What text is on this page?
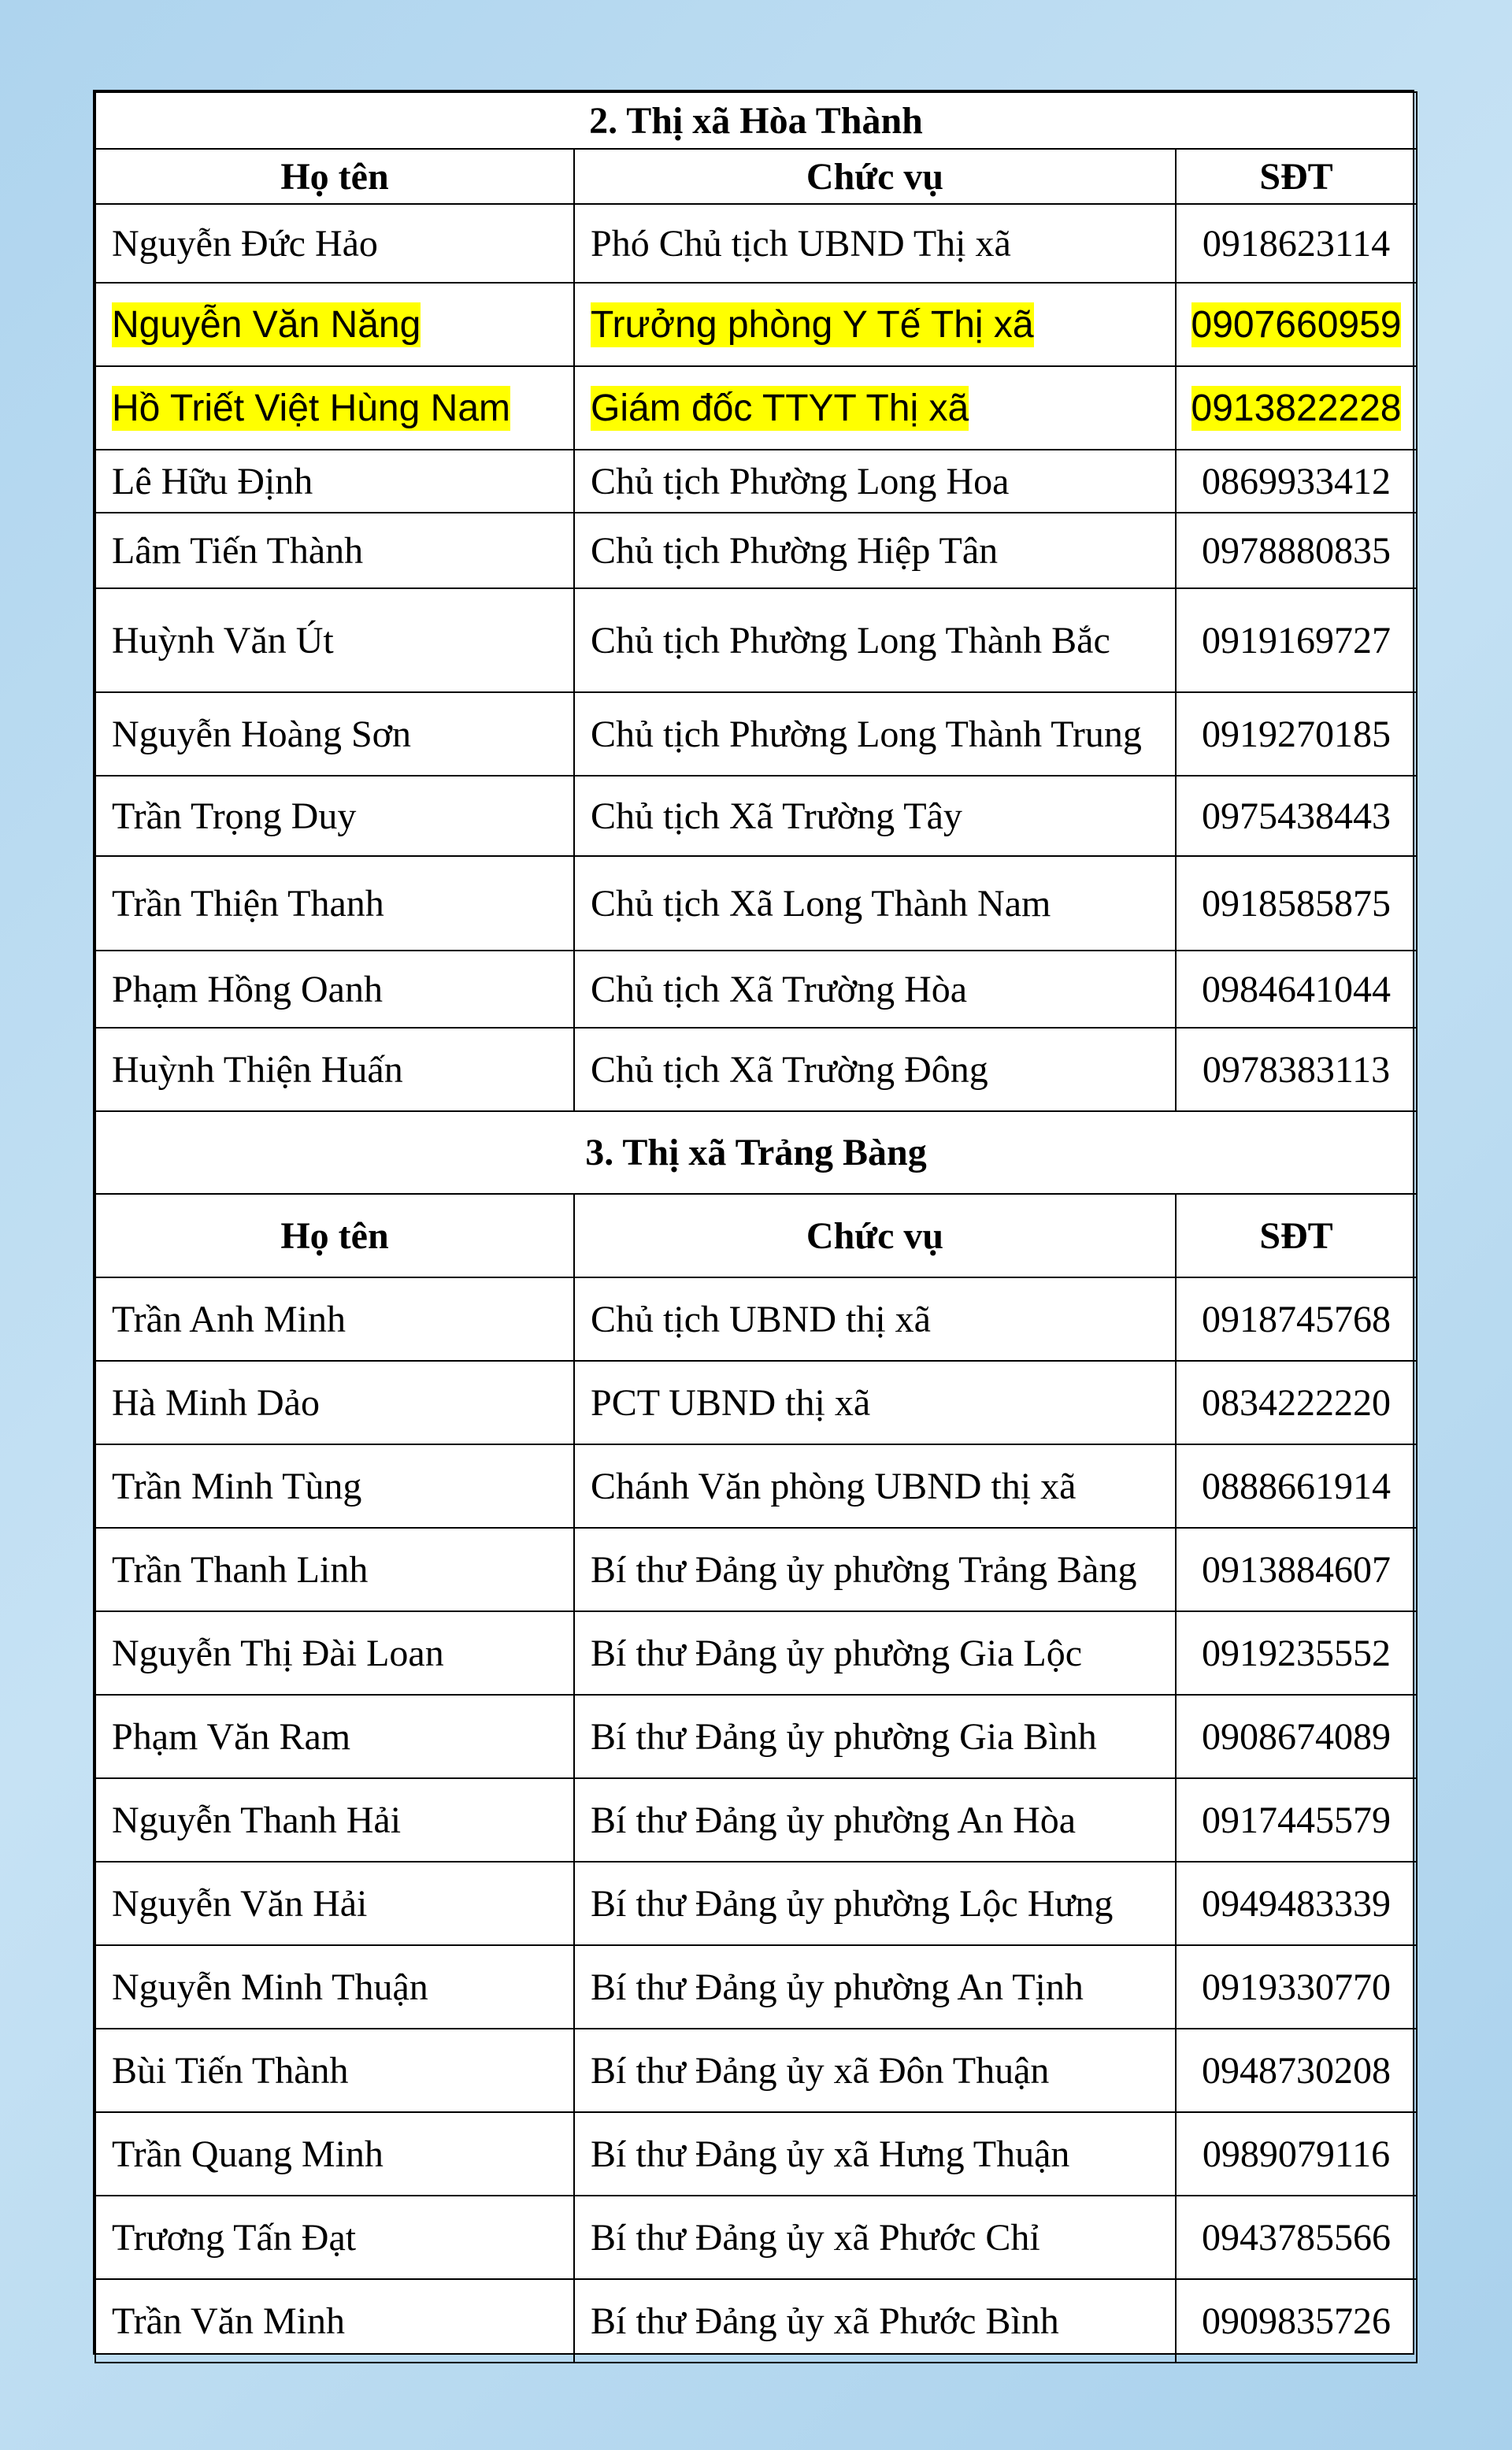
2. Thị xã Hòa Thành		
Họ tên	Chức vụ	SĐT
Nguyễn Đức Hảo	Phó Chủ tịch UBND Thị xã	0918623114
Nguyễn Văn Năng	Trưởng phòng Y Tế Thị xã	0907660959
Hồ Triết Việt Hùng Nam	Giám đốc TTYT Thị xã	0913822228
Lê Hữu Định	Chủ tịch Phường Long Hoa	0869933412
Lâm Tiến Thành	Chủ tịch Phường Hiệp Tân	0978880835
Huỳnh Văn Út	Chủ tịch Phường Long Thành Bắc	0919169727
Nguyễn Hoàng Sơn	Chủ tịch Phường Long Thành Trung	0919270185
Trần Trọng Duy	Chủ tịch Xã Trường Tây	0975438443
Trần Thiện Thanh	Chủ tịch Xã Long Thành Nam	0918585875
Phạm Hồng Oanh	Chủ tịch Xã Trường Hòa	0984641044
Huỳnh Thiện Huấn	Chủ tịch Xã Trường Đông	0978383113
3. Thị xã Trảng Bàng		
Họ tên	Chức vụ	SĐT
Trần Anh Minh	Chủ tịch UBND thị xã	0918745768
Hà Minh Dảo	PCT UBND thị xã	0834222220
Trần Minh Tùng	Chánh Văn phòng UBND thị xã	0888661914
Trần Thanh Linh	Bí thư Đảng ủy phường Trảng Bàng	0913884607
Nguyễn Thị Đài Loan	Bí thư Đảng ủy phường Gia Lộc	0919235552
Phạm Văn Ram	Bí thư Đảng ủy phường Gia Bình	0908674089
Nguyễn Thanh Hải	Bí thư Đảng ủy phường An Hòa	0917445579
Nguyễn Văn Hải	Bí thư Đảng ủy phường Lộc Hưng	0949483339
Nguyễn Minh Thuận	Bí thư Đảng ủy phường An Tịnh	0919330770
Bùi Tiến Thành	Bí thư Đảng ủy xã Đôn Thuận	0948730208
Trần Quang Minh	Bí thư Đảng ủy xã Hưng Thuận	0989079116
Trương Tấn Đạt	Bí thư Đảng ủy xã Phước Chỉ	0943785566
Trần Văn Minh	Bí thư Đảng ủy xã Phước Bình	0909835726
